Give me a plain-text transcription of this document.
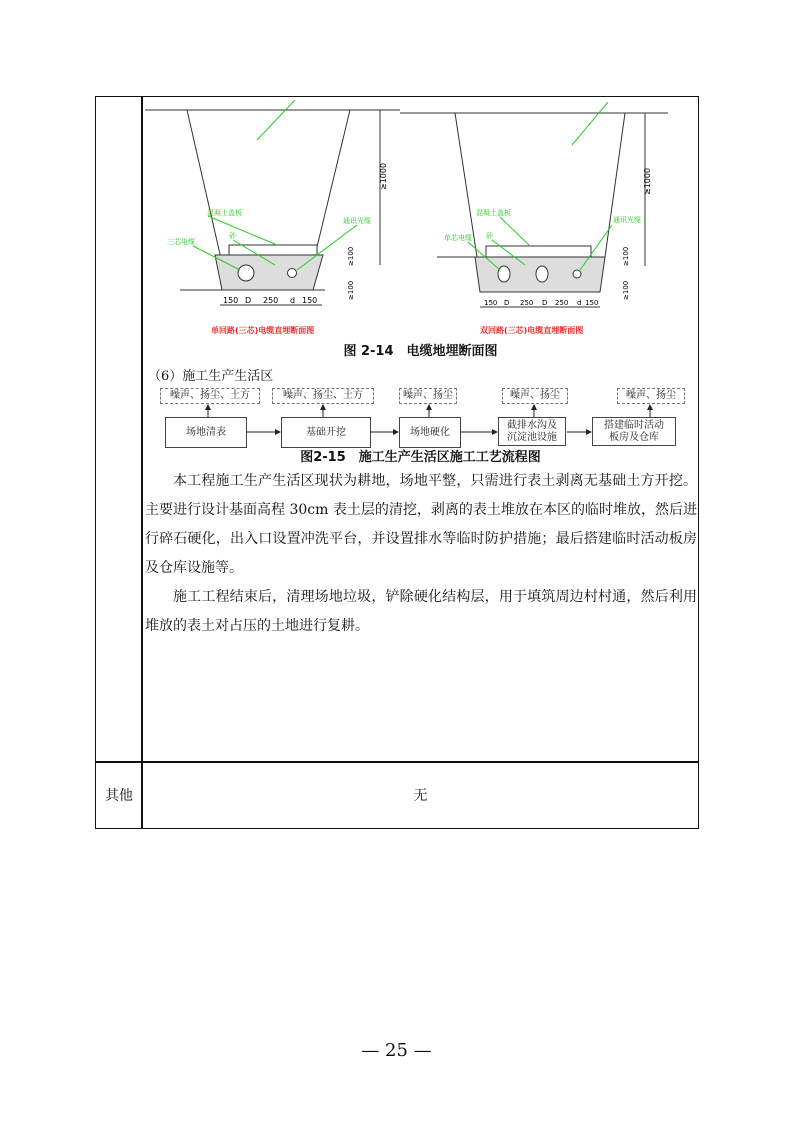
≥1000
≥100
≥100
混凝土盖板
砂
三芯电缆
通讯光缆
150 D 250 d 150
单回路(三芯)电缆直埋断面图
≥1000
≥100
≥100
混凝土盖板
砂
单芯电缆
通讯光缆
150 D 250 D 250 d 150
双回路(三芯)电缆直埋断面图
图 2-14　电缆地埋断面图
（6）施工生产生活区
噪声、扬尘、土方	噪声、扬尘、土方	噪声、扬尘	噪声、扬尘	噪声、扬尘
场地清表	基础开挖	场地硬化
截排水沟及沉淀池设施
搭建临时活动板房及仓库
图2-15　施工生产生活区施工工艺流程图

本工程施工生产生活区现状为耕地，场地平整，只需进行表土剥离无基础土方开挖。主要进行设计基面高程 30cm 表土层的清挖，剥离的表土堆放在本区的临时堆放，然后进行碎石硬化，出入口设置冲洗平台，并设置排水等临时防护措施；最后搭建临时活动板房及仓库设施等。

施工工程结束后，清理场地垃圾，铲除硬化结构层，用于填筑周边村村通，然后利用堆放的表土对占压的土地进行复耕。

其他	无
— 25 —
